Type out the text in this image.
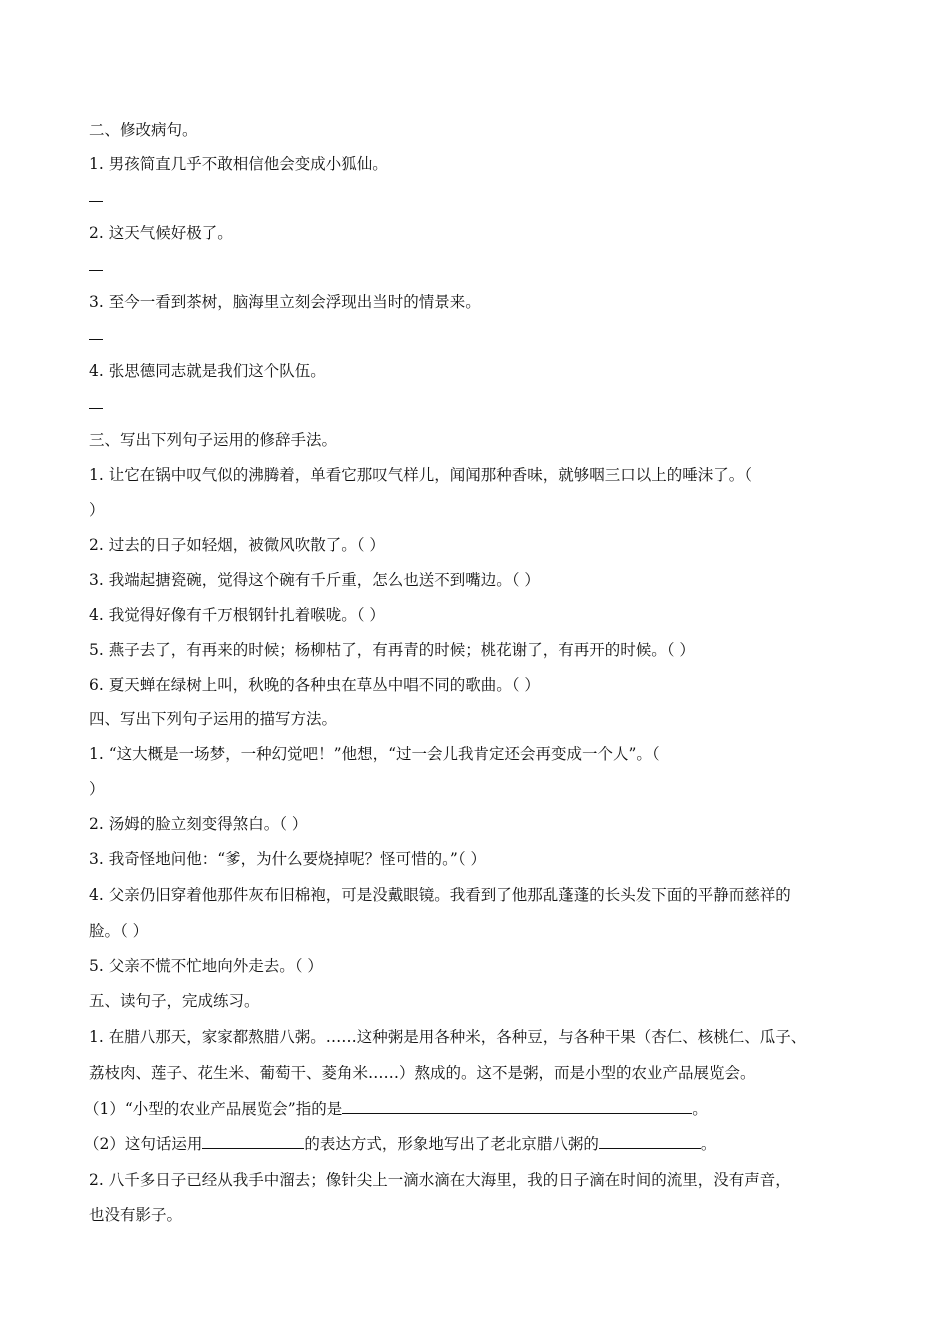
二、修改病句。
1. 男孩简直几乎不敢相信他会变成小狐仙。
2. 这天气候好极了。
3. 至今一看到茶树，脑海里立刻会浮现出当时的情景来。
4. 张思德同志就是我们这个队伍。
三、写出下列句子运用的修辞手法。
1. 让它在锅中叹气似的沸腾着，单看它那叹气样儿，闻闻那种香味，就够咽三口以上的唾沫了。（
）
2. 过去的日子如轻烟，被微风吹散了。（ ）
3. 我端起搪瓷碗，觉得这个碗有千斤重，怎么也送不到嘴边。（ ）
4. 我觉得好像有千万根钢针扎着喉咙。（ ）
5. 燕子去了，有再来的时候；杨柳枯了，有再青的时候；桃花谢了，有再开的时候。（ ）
6. 夏天蝉在绿树上叫，秋晚的各种虫在草丛中唱不同的歌曲。（ ）
四、写出下列句子运用的描写方法。
1. “这大概是一场梦，一种幻觉吧！”他想，“过一会儿我肯定还会再变成一个人”。（
）
2. 汤姆的脸立刻变得煞白。（ ）
3. 我奇怪地问他：“爹，为什么要烧掉呢？怪可惜的。”（ ）
4. 父亲仍旧穿着他那件灰布旧棉袍，可是没戴眼镜。我看到了他那乱蓬蓬的长头发下面的平静而慈祥的
脸。（ ）
5. 父亲不慌不忙地向外走去。（ ）
五、读句子，完成练习。
1. 在腊八那天，家家都熬腊八粥。……这种粥是用各种米，各种豆，与各种干果（杏仁、核桃仁、瓜子、
荔枝肉、莲子、花生米、葡萄干、菱角米……）熬成的。这不是粥，而是小型的农业产品展览会。
（1）“小型的农业产品展览会”指的是	。
（2）这句话运用	的表达方式，形象地写出了老北京腊八粥的	。
2. 八千多日子已经从我手中溜去；像针尖上一滴水滴在大海里，我的日子滴在时间的流里，没有声音，
也没有影子。
